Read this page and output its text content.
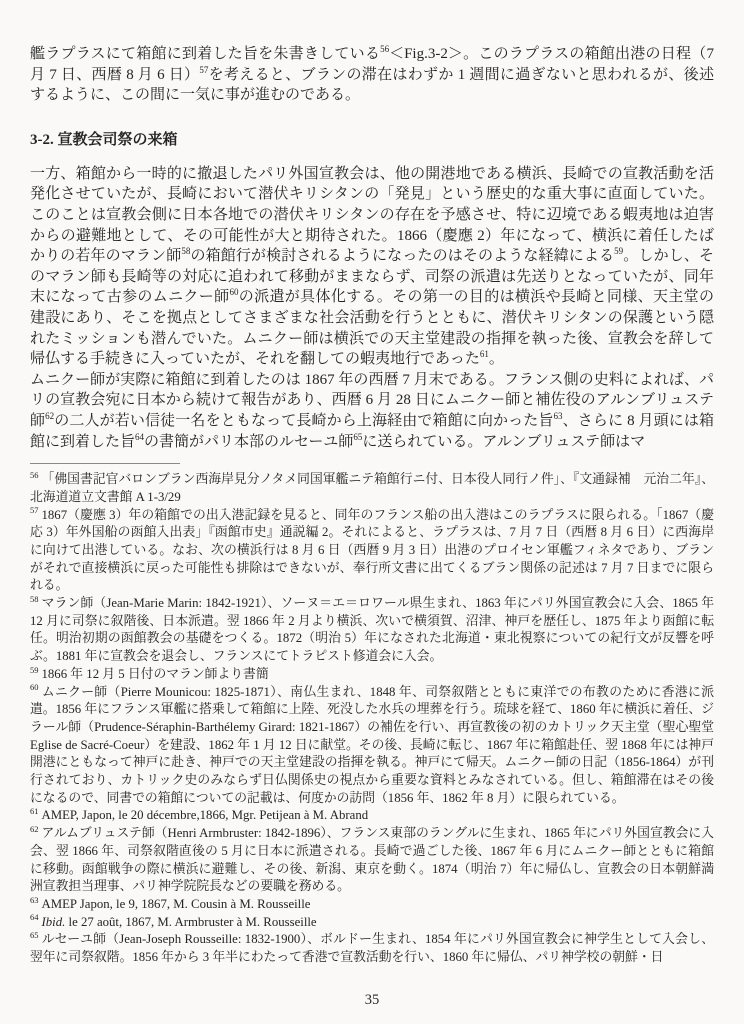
艦ラプラスにて箱館に到着した旨を朱書きしている$^{56}$＜Fig.3-2＞。このラプラスの箱館出港の日程（7 月 7 日、西暦 8 月 6 日）$^{57}$を考えると、ブランの滞在はわずか 1 週間に過ぎないと思われるが、後述するように、この間に一気に事が進むのである。

3-2. 宣教会司祭の来箱

一方、箱館から一時的に撤退したパリ外国宣教会は、他の開港地である横浜、長崎での宣教活動を活発化させていたが、長崎において潜伏キリシタンの「発見」という歴史的な重大事に直面していた。このことは宣教会側に日本各地での潜伏キリシタンの存在を予感させ、特に辺境である蝦夷地は迫害からの避難地として、その可能性が大と期待された。1866（慶應 2）年になって、横浜に着任したばかりの若年のマラン師$^{58}$の箱館行が検討されるようになったのはそのような経緯による$^{59}$。しかし、そのマラン師も長崎等の対応に追われて移動がままならず、司祭の派遣は先送りとなっていたが、同年末になって古参のムニクー師$^{60}$の派遣が具体化する。その第一の目的は横浜や長崎と同様、天主堂の建設にあり、そこを拠点としてさまざまな社会活動を行うとともに、潜伏キリシタンの保護という隠れたミッションも潜んでいた。ムニクー師は横浜での天主堂建設の指揮を執った後、宣教会を辞して帰仏する手続きに入っていたが、それを翻しての蝦夷地行であった$^{61}$。

ムニクー師が実際に箱館に到着したのは 1867 年の西暦 7 月末である。フランス側の史料によれば、パリの宣教会宛に日本から続けて報告があり、西暦 6 月 28 日にムニクー師と補佐役のアルンブリュステ師$^{62}$の二人が若い信徒一名をともなって長崎から上海経由で箱館に向かった旨$^{63}$、さらに 8 月頭には箱館に到着した旨$^{64}$の書簡がパリ本部のルセーユ師$^{65}$に送られている。アルンブリュステ師はマ

$^{56}$ 「佛国書記官バロンブラン西海岸見分ノタメ同国軍艦ニテ箱館行ニ付、日本役人同行ノ件」、『文通録補　元治二年』、北海道道立文書館 A 1-3/29
$^{57}$ 1867（慶應 3）年の箱館での出入港記録を見ると、同年のフランス船の出入港はこのラプラスに限られる。「1867（慶応 3）年外国船の函館入出表」『函館市史』通説編 2。それによると、ラプラスは、7 月 7 日（西暦 8 月 6 日）に西海岸に向けて出港している。なお、次の横浜行は 8 月 6 日（西暦 9 月 3 日）出港のプロイセン軍艦フィネタであり、ブランがそれで直接横浜に戻った可能性も排除はできないが、奉行所文書に出てくるブラン関係の記述は 7 月 7 日までに限られる。
$^{58}$ マラン師（Jean-Marie Marin: 1842-1921）、ソーヌ＝エ＝ロワール県生まれ、1863 年にパリ外国宣教会に入会、1865 年 12 月に司祭に叙階後、日本派遣。翌 1866 年 2 月より横浜、次いで横須賀、沼津、神戸を歴任し、1875 年より函館に転任。明治初期の函館教会の基礎をつくる。1872（明治 5）年になされた北海道・東北視察についての紀行文が反響を呼ぶ。1881 年に宣教会を退会し、フランスにてトラピスト修道会に入会。
$^{59}$ 1866 年 12 月 5 日付のマラン師より書簡
$^{60}$ ムニクー師（Pierre Mounicou: 1825-1871）、南仏生まれ、1848 年、司祭叙階とともに東洋での布教のために香港に派遣。1856 年にフランス軍艦に搭乗して箱館に上陸、死没した水兵の埋葬を行う。琉球を経て、1860 年に横浜に着任、ジラール師（Prudence-Séraphin-Barthélemy Girard: 1821-1867）の補佐を行い、再宣教後の初のカトリック天主堂（聖心聖堂 Eglise de Sacré-Coeur）を建設、1862 年 1 月 12 日に献堂。その後、長崎に転じ、1867 年に箱館赴任、翌 1868 年には神戸開港にともなって神戸に赴き、神戸での天主堂建設の指揮を執る。神戸にて帰天。ムニクー師の日記（1856-1864）が刊行されており、カトリック史のみならず日仏関係史の視点から重要な資料とみなされている。但し、箱館滞在はその後になるので、同書での箱館についての記載は、何度かの訪問（1856 年、1862 年 8 月）に限られている。
$^{61}$ AMEP, Japon, le 20 décembre,1866, Mgr. Petijean à M. Abrand
$^{62}$ アルムブリュステ師（Henri Armbruster: 1842-1896）、フランス東部のラングルに生まれ、1865 年にパリ外国宣教会に入会、翌 1866 年、司祭叙階直後の 5 月に日本に派遣される。長崎で過ごした後、1867 年 6 月にムニクー師とともに箱館に移動。函館戦争の際に横浜に避難し、その後、新潟、東京を動く。1874（明治 7）年に帰仏し、宣教会の日本朝鮮満洲宣教担当理事、パリ神学院院長などの要職を務める。
$^{63}$ AMEP Japon, le 9, 1867, M. Cousin à M. Rousseille
$^{64}$ Ibid. le 27 août, 1867, M. Armbruster à M. Rousseille
$^{65}$ ルセーユ師（Jean-Joseph Rousseille: 1832-1900）、ボルドー生まれ、1854 年にパリ外国宣教会に神学生として入会し、翌年に司祭叙階。1856 年から 3 年半にわたって香港で宣教活動を行い、1860 年に帰仏、パリ神学校の朝鮮・日
35
